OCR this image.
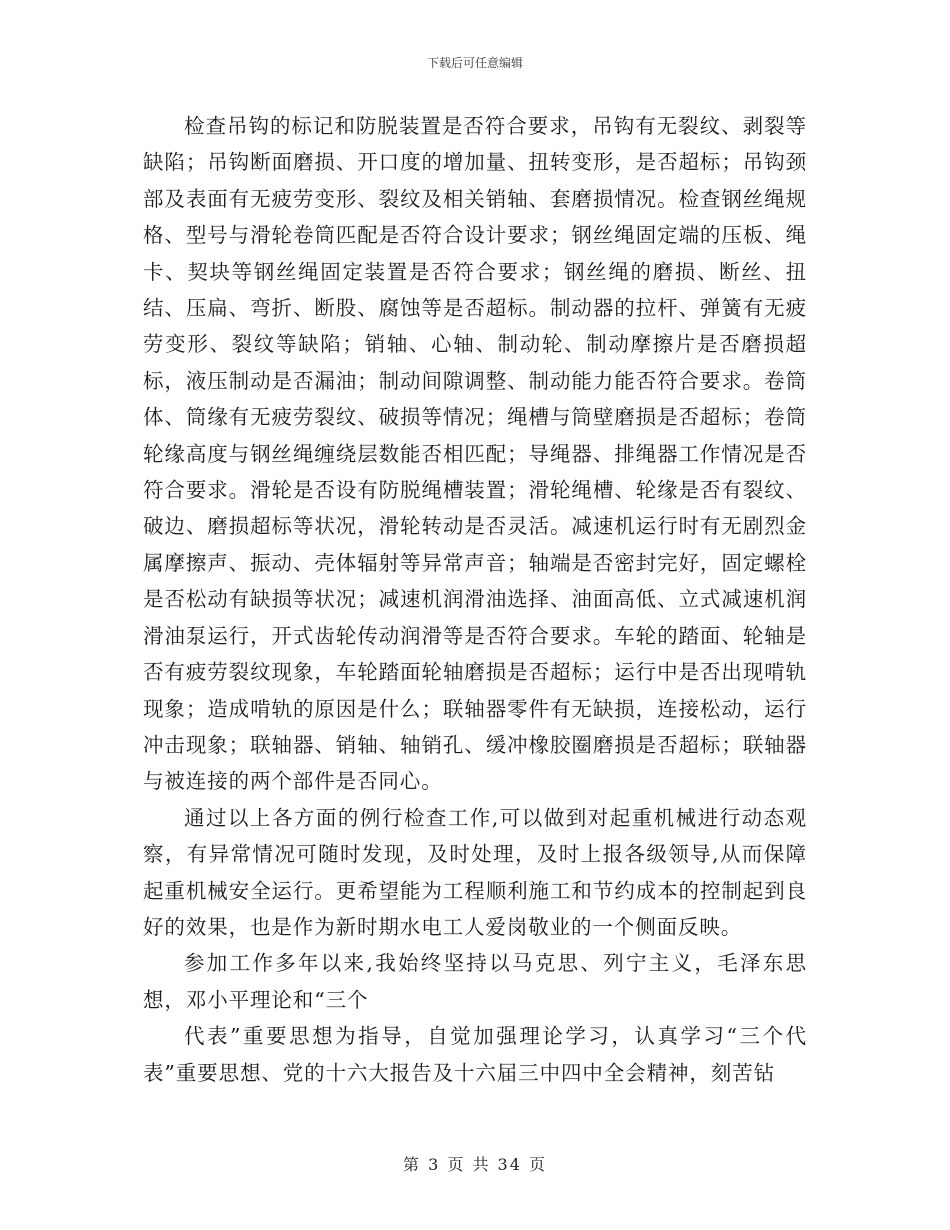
下载后可任意编辑

检查吊钩的标记和防脱装置是否符合要求，吊钩有无裂纹、剥裂等缺陷；吊钩断面磨损、开口度的增加量、扭转变形，是否超标；吊钩颈部及表面有无疲劳变形、裂纹及相关销轴、套磨损情况。检查钢丝绳规格、型号与滑轮卷筒匹配是否符合设计要求；钢丝绳固定端的压板、绳卡、契块等钢丝绳固定装置是否符合要求；钢丝绳的磨损、断丝、扭结、压扁、弯折、断股、腐蚀等是否超标。制动器的拉杆、弹簧有无疲劳变形、裂纹等缺陷；销轴、心轴、制动轮、制动摩擦片是否磨损超标，液压制动是否漏油；制动间隙调整、制动能力能否符合要求。卷筒体、筒缘有无疲劳裂纹、破损等情况；绳槽与筒壁磨损是否超标；卷筒轮缘高度与钢丝绳缠绕层数能否相匹配；导绳器、排绳器工作情况是否符合要求。滑轮是否设有防脱绳槽装置；滑轮绳槽、轮缘是否有裂纹、破边、磨损超标等状况，滑轮转动是否灵活。减速机运行时有无剧烈金属摩擦声、振动、壳体辐射等异常声音；轴端是否密封完好，固定螺栓是否松动有缺损等状况；减速机润滑油选择、油面高低、立式减速机润滑油泵运行，开式齿轮传动润滑等是否符合要求。车轮的踏面、轮轴是否有疲劳裂纹现象，车轮踏面轮轴磨损是否超标；运行中是否出现啃轨现象；造成啃轨的原因是什么；联轴器零件有无缺损，连接松动，运行冲击现象；联轴器、销轴、轴销孔、缓冲橡胶圈磨损是否超标；联轴器与被连接的两个部件是否同心。

通过以上各方面的例行检查工作,可以做到对起重机械进行动态观察，有异常情况可随时发现，及时处理，及时上报各级领导,从而保障起重机械安全运行。更希望能为工程顺利施工和节约成本的控制起到良好的效果，也是作为新时期水电工人爱岗敬业的一个侧面反映。

参加工作多年以来,我始终坚持以马克思、列宁主义，毛泽东思想，邓小平理论和“三个

代表”重要思想为指导，自觉加强理论学习，认真学习“三个代表”重要思想、党的十六大报告及十六届三中四中全会精神，刻苦钻

第 3 页 共 34 页
